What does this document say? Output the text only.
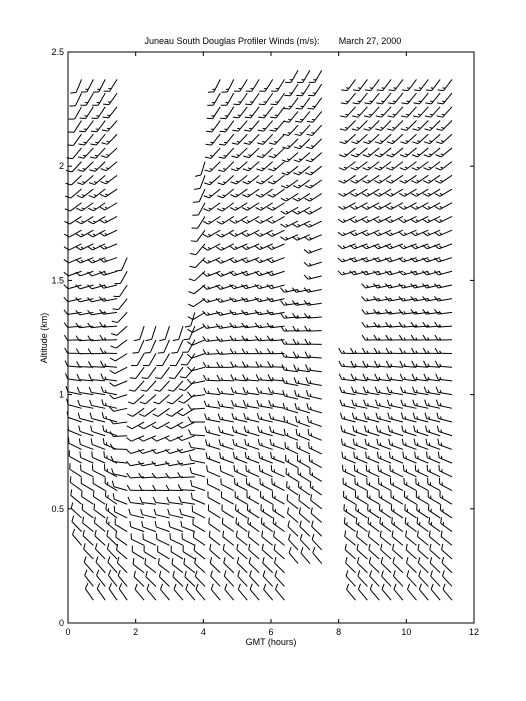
Juneau South Douglas Profiler Winds (m/s): March 27, 2000
0
0.5
1
1.5
2
2.5
0	2	4	6	8	10	12
GMT (hours)
Altitude (km)
